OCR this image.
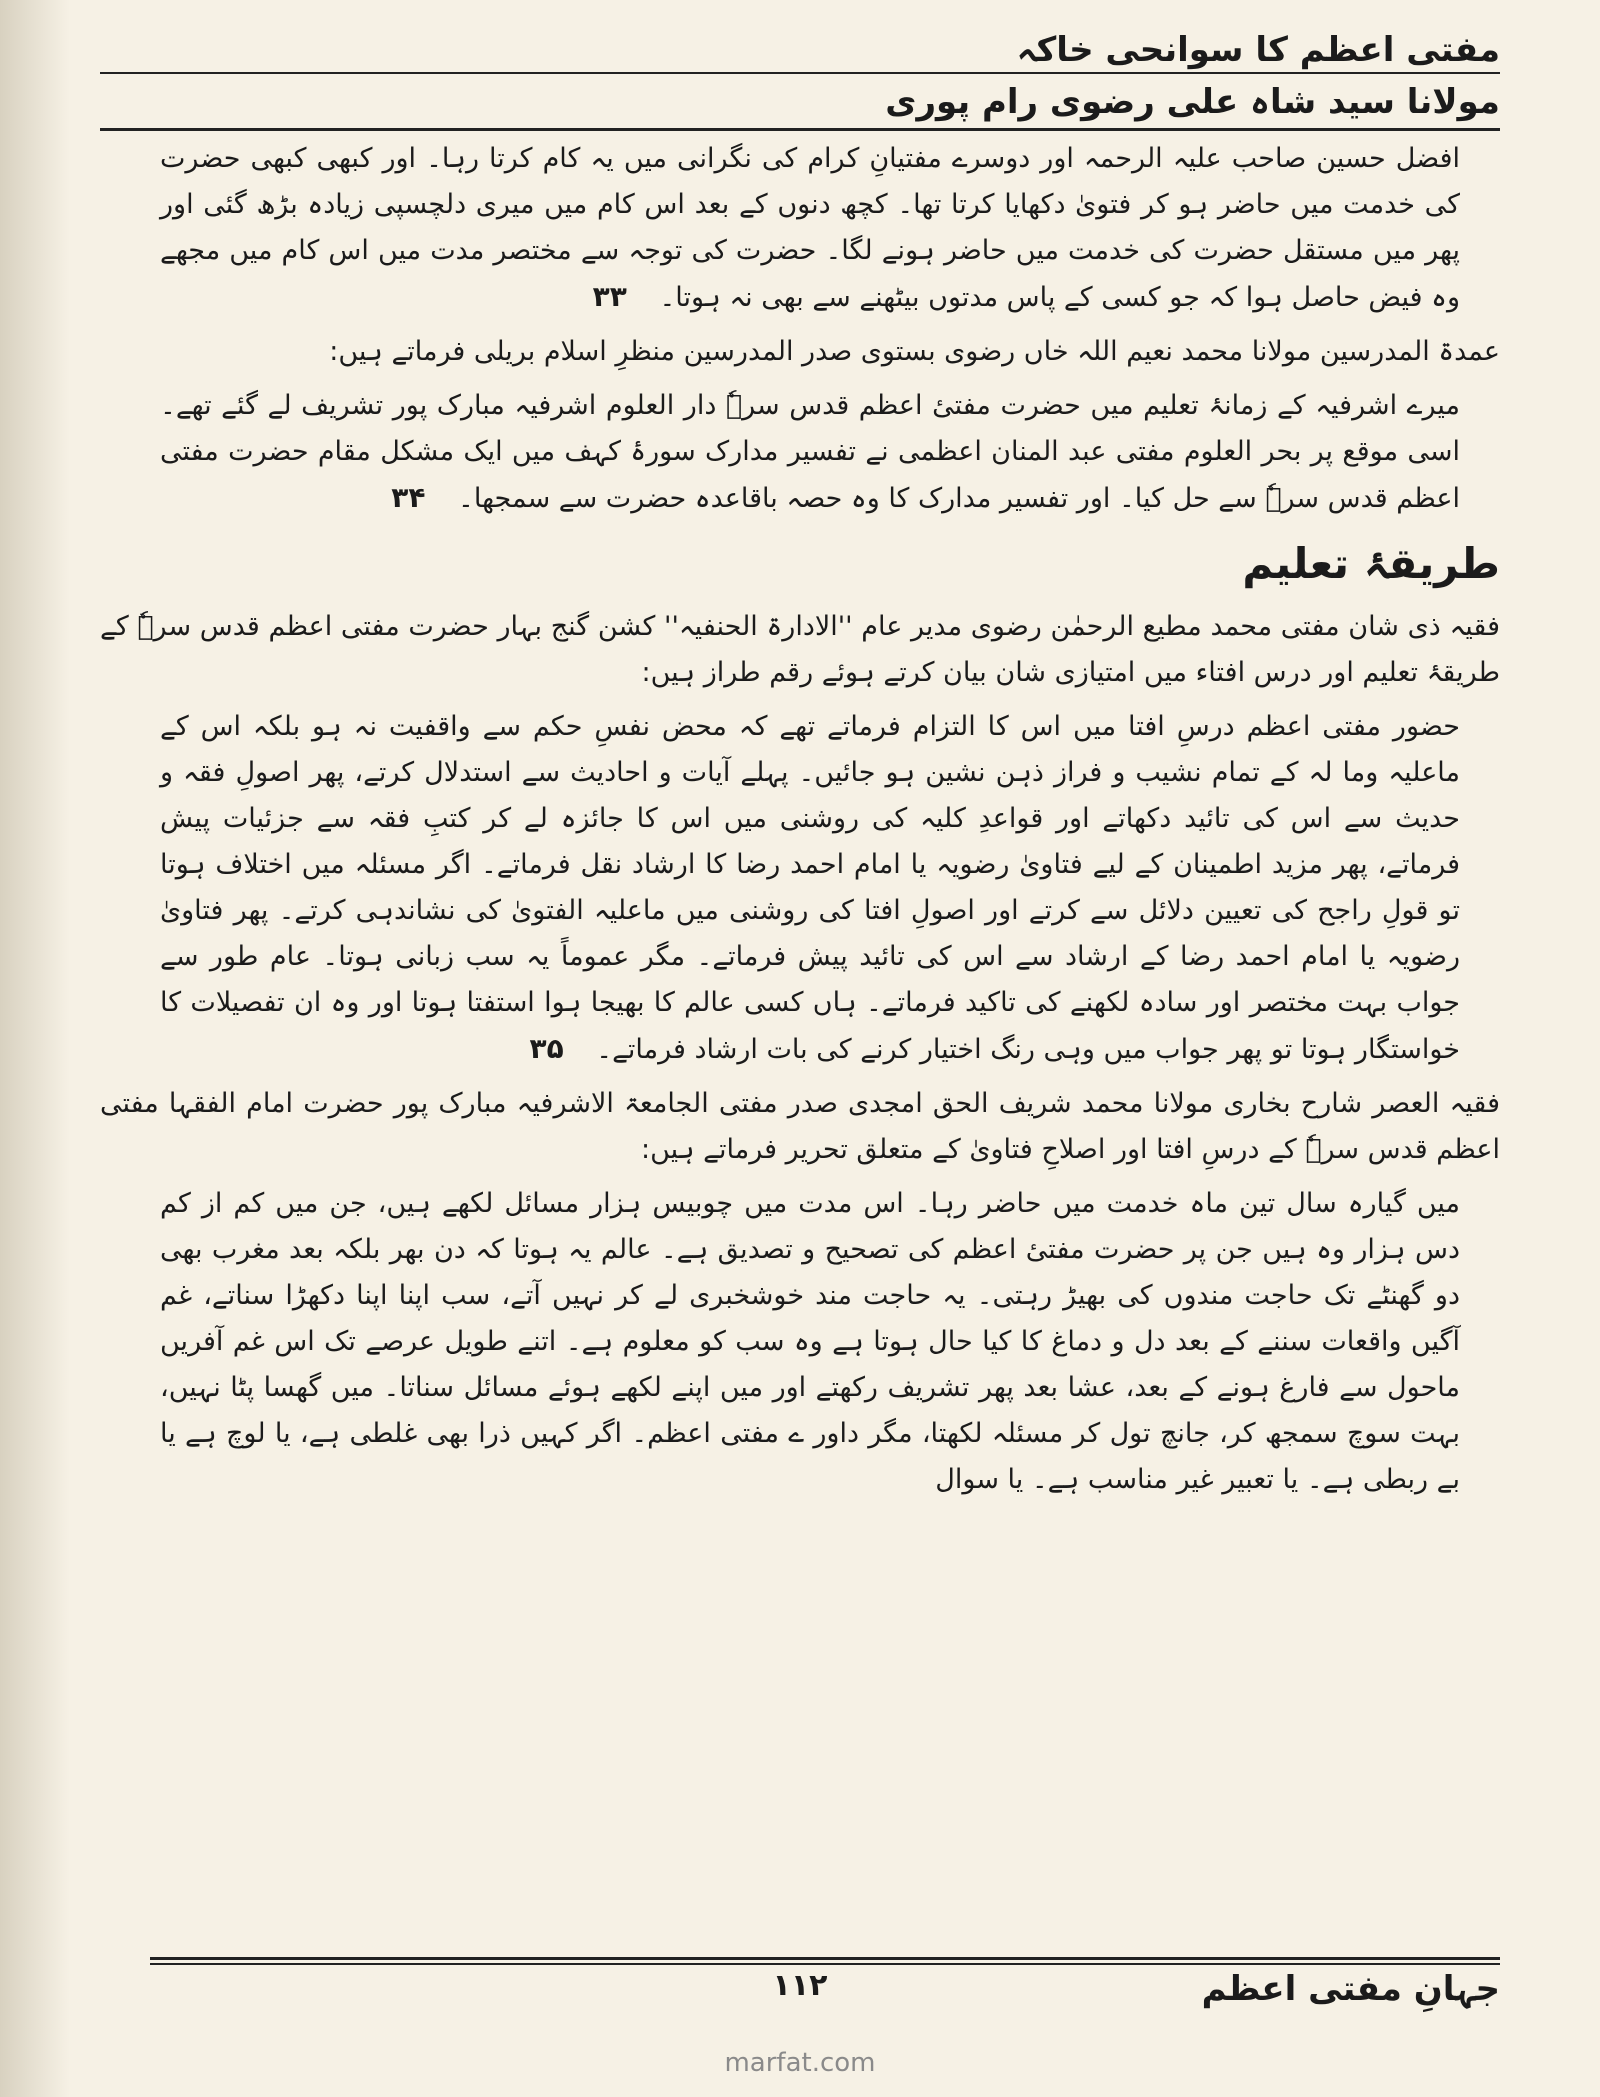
مفتی اعظم کا سوانحی خاکہ
مولانا سید شاہ علی رضوی رام پوری

افضل حسین صاحب علیہ الرحمہ اور دوسرے مفتیانِ کرام کی نگرانی میں یہ کام کرتا رہا۔ اور کبھی کبھی حضرت کی خدمت میں حاضر ہو کر فتویٰ دکھایا کرتا تھا۔ کچھ دنوں کے بعد اس کام میں میری دلچسپی زیادہ بڑھ گئی اور پھر میں مستقل حضرت کی خدمت میں حاضر ہونے لگا۔ حضرت کی توجہ سے مختصر مدت میں اس کام میں مجھے وہ فیض حاصل ہوا کہ جو کسی کے پاس مدتوں بیٹھنے سے بھی نہ ہوتا۔ ۳۳

عمدۃ المدرسین مولانا محمد نعیم اللہ خاں رضوی بستوی صدر المدرسین منظرِ اسلام بریلی فرماتے ہیں:

میرے اشرفیہ کے زمانۂ تعلیم میں حضرت مفتیٔ اعظم قدس سرہٗ دار العلوم اشرفیہ مبارک پور تشریف لے گئے تھے۔ اسی موقع پر بحر العلوم مفتی عبد المنان اعظمی نے تفسیر مدارک سورۂ کہف میں ایک مشکل مقام حضرت مفتی اعظم قدس سرہٗ سے حل کیا۔ اور تفسیر مدارک کا وہ حصہ باقاعدہ حضرت سے سمجھا۔ ۳۴

طریقۂ تعلیم

فقیہ ذی شان مفتی محمد مطیع الرحمٰن رضوی مدیر عام ''الادارۃ الحنفیہ'' کشن گنج بہار حضرت مفتی اعظم قدس سرہٗ کے طریقۂ تعلیم اور درس افتاء میں امتیازی شان بیان کرتے ہوئے رقم طراز ہیں:

حضور مفتی اعظم درسِ افتا میں اس کا التزام فرماتے تھے کہ محض نفسِ حکم سے واقفیت نہ ہو بلکہ اس کے ماعلیہ وما لہ کے تمام نشیب و فراز ذہن نشین ہو جائیں۔ پہلے آیات و احادیث سے استدلال کرتے، پھر اصولِ فقہ و حدیث سے اس کی تائید دکھاتے اور قواعدِ کلیہ کی روشنی میں اس کا جائزہ لے کر کتبِ فقہ سے جزئیات پیش فرماتے، پھر مزید اطمینان کے لیے فتاویٰ رضویہ یا امام احمد رضا کا ارشاد نقل فرماتے۔ اگر مسئلہ میں اختلاف ہوتا تو قولِ راجح کی تعیین دلائل سے کرتے اور اصولِ افتا کی روشنی میں ماعلیہ الفتویٰ کی نشاندہی کرتے۔ پھر فتاویٰ رضویہ یا امام احمد رضا کے ارشاد سے اس کی تائید پیش فرماتے۔ مگر عموماً یہ سب زبانی ہوتا۔ عام طور سے جواب بہت مختصر اور سادہ لکھنے کی تاکید فرماتے۔ ہاں کسی عالم کا بھیجا ہوا استفتا ہوتا اور وہ ان تفصیلات کا خواستگار ہوتا تو پھر جواب میں وہی رنگ اختیار کرنے کی بات ارشاد فرماتے۔ ۳۵

فقیہ العصر شارح بخاری مولانا محمد شریف الحق امجدی صدر مفتی الجامعۃ الاشرفیہ مبارک پور حضرت امام الفقہا مفتی اعظم قدس سرہٗ کے درسِ افتا اور اصلاحِ فتاویٰ کے متعلق تحریر فرماتے ہیں:

میں گیارہ سال تین ماہ خدمت میں حاضر رہا۔ اس مدت میں چوبیس ہزار مسائل لکھے ہیں، جن میں کم از کم دس ہزار وہ ہیں جن پر حضرت مفتیٔ اعظم کی تصحیح و تصدیق ہے۔ عالم یہ ہوتا کہ دن بھر بلکہ بعد مغرب بھی دو گھنٹے تک حاجت مندوں کی بھیڑ رہتی۔ یہ حاجت مند خوشخبری لے کر نہیں آتے، سب اپنا اپنا دکھڑا سناتے، غم آگیں واقعات سننے کے بعد دل و دماغ کا کیا حال ہوتا ہے وہ سب کو معلوم ہے۔ اتنے طویل عرصے تک اس غم آفریں ماحول سے فارغ ہونے کے بعد، عشا بعد پھر تشریف رکھتے اور میں اپنے لکھے ہوئے مسائل سناتا۔ میں گھسا پٹا نہیں، بہت سوچ سمجھ کر، جانچ تول کر مسئلہ لکھتا، مگر داور ے مفتی اعظم۔ اگر کہیں ذرا بھی غلطی ہے، یا لوچ ہے یا بے ربطی ہے۔ یا تعبیر غیر مناسب ہے۔ یا سوال

۱۱۲	جہانِ مفتی اعظم
marfat.com
